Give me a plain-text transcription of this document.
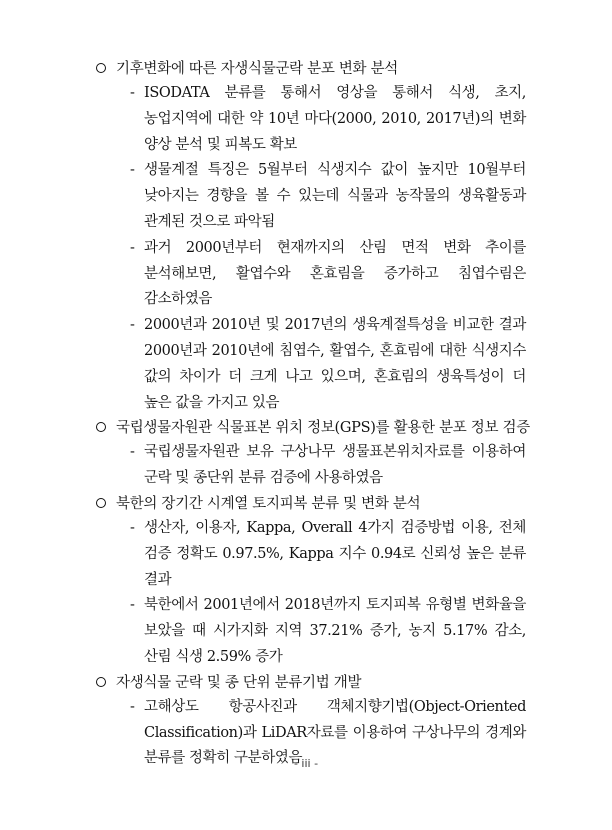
기후변화에 따른 자생식물군락 분포 변화 분석
- ISODATA 분류를 통해서 영상을 통해서 식생, 초지, 농업지역에 대한 약 10년 마다(2000, 2010, 2017년)의 변화 양상 분석 및 피복도 확보
- 생물계절 특징은 5월부터 식생지수 값이 높지만 10월부터 낮아지는 경향을 볼 수 있는데 식물과 농작물의 생육활동과 관계된 것으로 파악됨
- 과거 2000년부터 현재까지의 산림 면적 변화 추이를 분석해보면, 활엽수와 혼효림을 증가하고 침엽수림은 감소하였음
- 2000년과 2010년 및 2017년의 생육계절특성을 비교한 결과 2000년과 2010년에 침엽수, 활엽수, 혼효림에 대한 식생지수 값의 차이가 더 크게 나고 있으며, 혼효림의 생육특성이 더 높은 값을 가지고 있음
국립생물자원관 식물표본 위치 정보(GPS)를 활용한 분포 정보 검증
- 국립생물자원관 보유 구상나무 생물표본위치자료를 이용하여 군락 및 종단위 분류 검증에 사용하였음
북한의 장기간 시계열 토지피복 분류 및 변화 분석
- 생산자, 이용자, Kappa, Overall 4가지 검증방법 이용, 전체 검증 정확도 0.97.5%, Kappa 지수 0.94로 신뢰성 높은 분류 결과
- 북한에서 2001년에서 2018년까지 토지피복 유형별 변화율을 보았을 때 시가지화 지역 37.21% 증가, 농지 5.17% 감소, 산림 식생 2.59% 증가
자생식물 군락 및 종 단위 분류기법 개발
- 고해상도 항공사진과 객체지향기법(Object-Oriented Classification)과 LiDAR자료를 이용하여 구상나무의 경계와 분류를 정확히 구분하였음
- iii -
